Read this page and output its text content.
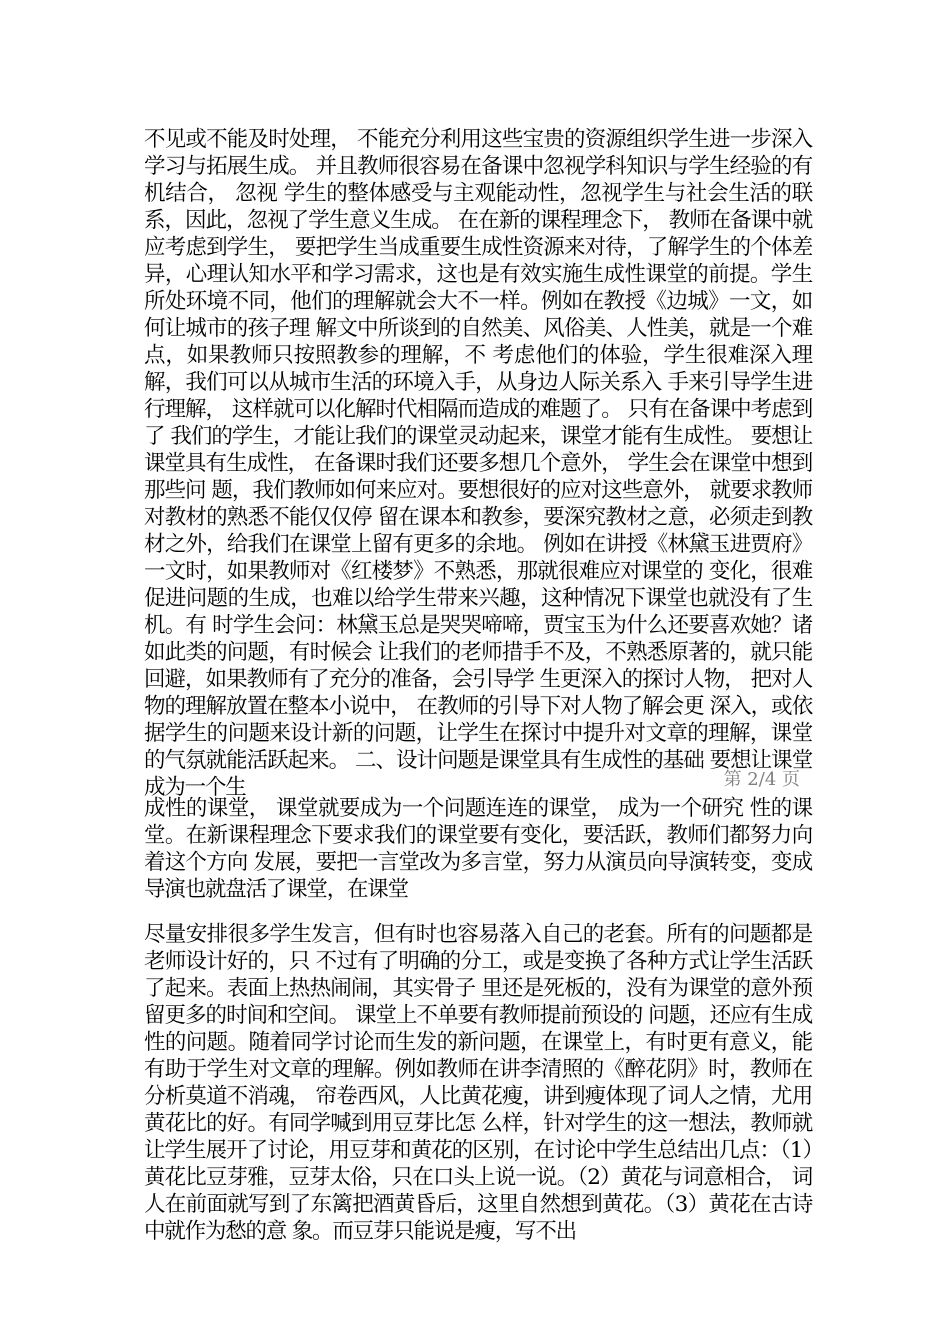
不见或不能及时处理， 不能充分利用这些宝贵的资源组织学生进一步深入学习与拓展生成。 并且教师很容易在备课中忽视学科知识与学生经验的有机结合， 忽视 学生的整体感受与主观能动性，忽视学生与社会生活的联系，因此，忽视了学生意义生成。 在在新的课程理念下， 教师在备课中就应考虑到学生， 要把学生当成重要生成性资源来对待，了解学生的个体差异，心理认知水平和学习需求，这也是有效实施生成性课堂的前提。学生 所处环境不同，他们的理解就会大不一样。例如在教授《边城》一文，如何让城市的孩子理 解文中所谈到的自然美、风俗美、人性美，就是一个难点，如果教师只按照教参的理解，不 考虑他们的体验，学生很难深入理解，我们可以从城市生活的环境入手，从身边人际关系入 手来引导学生进行理解， 这样就可以化解时代相隔而造成的难题了。 只有在备课中考虑到了 我们的学生，才能让我们的课堂灵动起来，课堂才能有生成性。 要想让课堂具有生成性， 在备课时我们还要多想几个意外， 学生会在课堂中想到那些问 题，我们教师如何来应对。要想很好的应对这些意外， 就要求教师对教材的熟悉不能仅仅停 留在课本和教参，要深究教材之意，必须走到教材之外，给我们在课堂上留有更多的余地。 例如在讲授《林黛玉进贾府》一文时，如果教师对《红楼梦》不熟悉，那就很难应对课堂的 变化，很难促进问题的生成，也难以给学生带来兴趣，这种情况下课堂也就没有了生机。有 时学生会问：林黛玉总是哭哭啼啼，贾宝玉为什么还要喜欢她？诸如此类的问题，有时候会 让我们的老师措手不及，不熟悉原著的，就只能回避，如果教师有了充分的准备，会引导学 生更深入的探讨人物， 把对人物的理解放置在整本小说中， 在教师的引导下对人物了解会更 深入，或依据学生的问题来设计新的问题，让学生在探讨中提升对文章的理解，课堂的气氛就能活跃起来。 二、设计问题是课堂具有生成性的基础 要想让课堂成为一个生	第 2/4 页

成性的课堂， 课堂就要成为一个问题连连的课堂， 成为一个研究 性的课堂。在新课程理念下要求我们的课堂要有变化，要活跃，教师们都努力向着这个方向 发展，要把一言堂改为多言堂，努力从演员向导演转变，变成导演也就盘活了课堂，在课堂

尽量安排很多学生发言，但有时也容易落入自己的老套。所有的问题都是老师设计好的，只 不过有了明确的分工，或是变换了各种方式让学生活跃了起来。表面上热热闹闹，其实骨子 里还是死板的，没有为课堂的意外预留更多的时间和空间。 课堂上不单要有教师提前预设的 问题，还应有生成性的问题。随着同学讨论而生发的新问题，在课堂上，有时更有意义，能 有助于学生对文章的理解。例如教师在讲李清照的《醉花阴》时，教师在分析莫道不消魂， 帘卷西风，人比黄花瘦，讲到瘦体现了词人之情，尤用黄花比的好。有同学喊到用豆芽比怎 么样，针对学生的这一想法，教师就让学生展开了讨论，用豆芽和黄花的区别，在讨论中学生总结出几点：（1）黄花比豆芽雅，豆芽太俗，只在口头上说一说。（2）黄花与词意相合， 词人在前面就写到了东篱把酒黄昏后，这里自然想到黄花。（3）黄花在古诗中就作为愁的意 象。而豆芽只能说是瘦，写不出
